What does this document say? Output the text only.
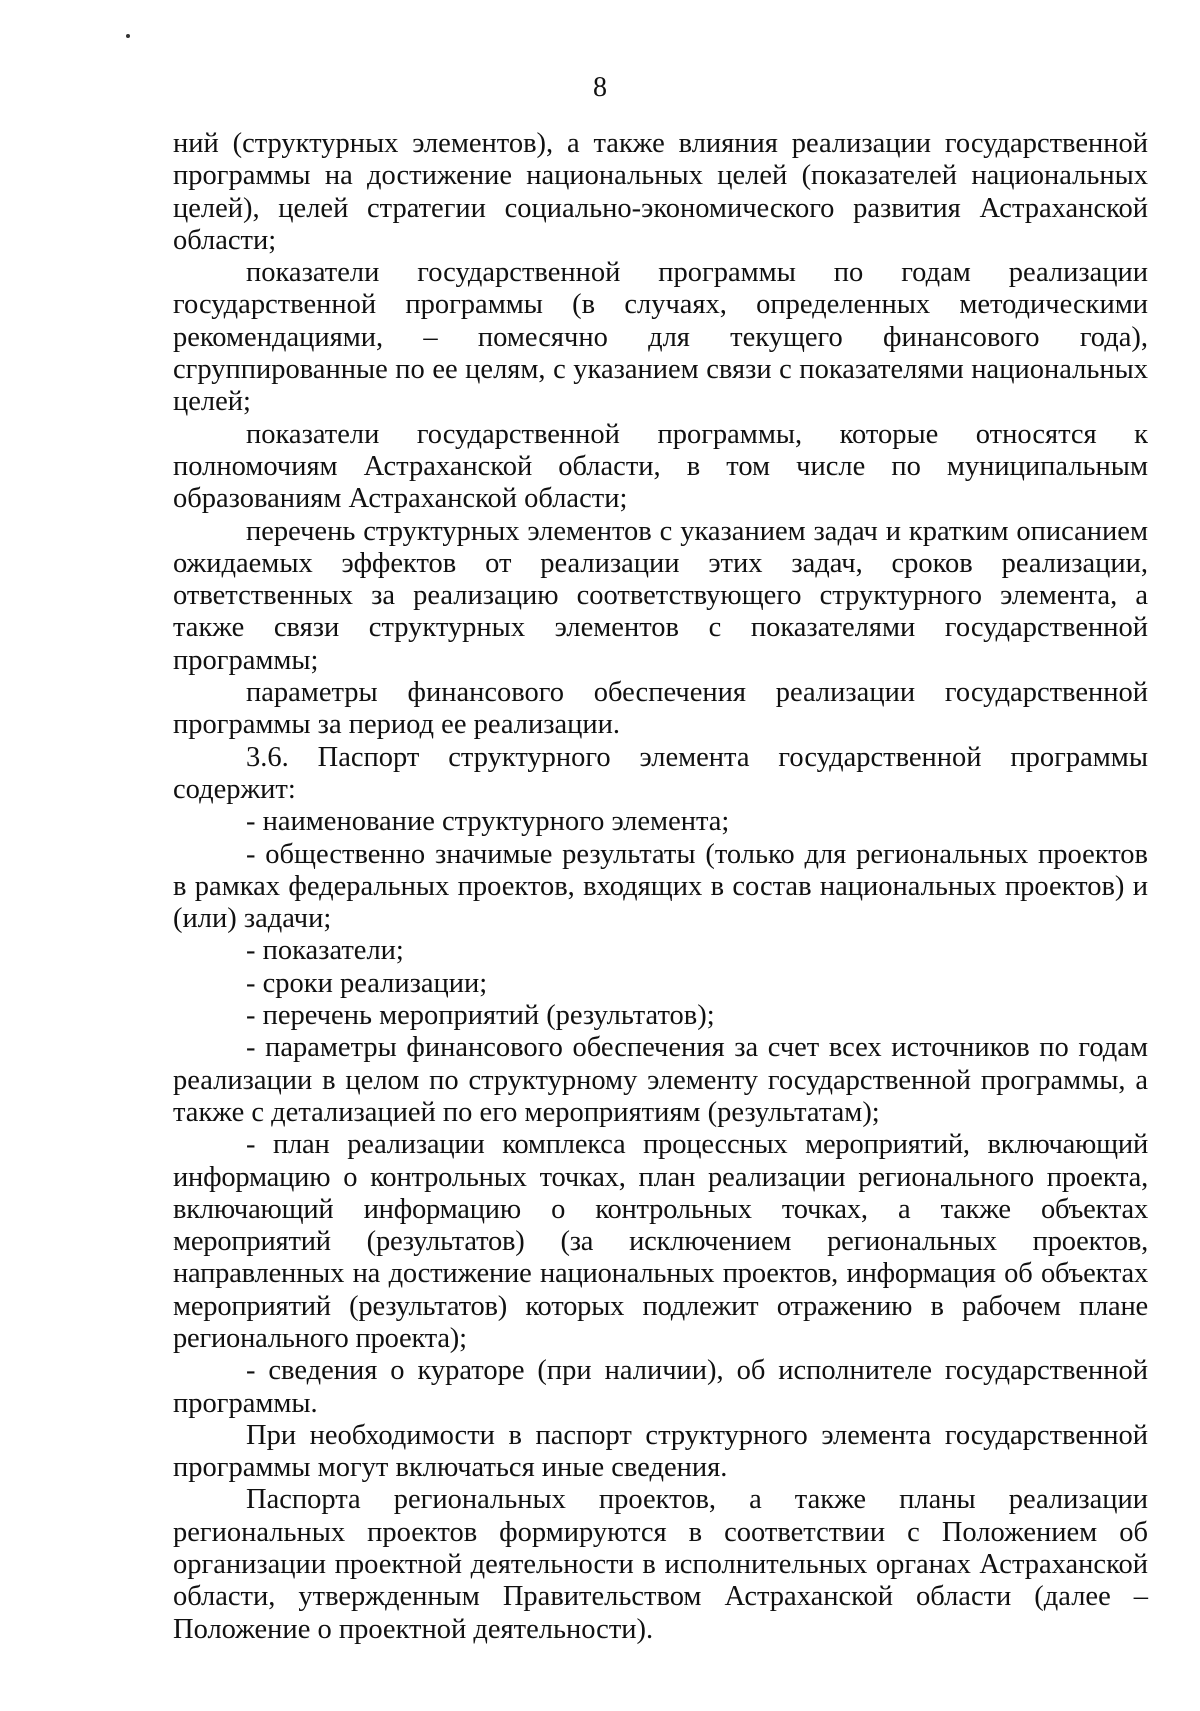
8

ний (структурных элементов), а также влияния реализации государственной программы на достижение национальных целей (показателей национальных целей), целей стратегии социально-экономического развития Астраханской области;

показатели государственной программы по годам реализации государственной программы (в случаях, определенных методическими рекомендациями, – помесячно для текущего финансового года), сгруппированные по ее целям, с указанием связи с показателями национальных целей;

показатели государственной программы, которые относятся к полномочиям Астраханской области, в том числе по муниципальным образованиям Астраханской области;

перечень структурных элементов с указанием задач и кратким описанием ожидаемых эффектов от реализации этих задач, сроков реализации, ответственных за реализацию соответствующего структурного элемента, а также связи структурных элементов с показателями государственной программы;

параметры финансового обеспечения реализации государственной программы за период ее реализации.

3.6. Паспорт структурного элемента государственной программы содержит:

- наименование структурного элемента;

- общественно значимые результаты (только для региональных проектов в рамках федеральных проектов, входящих в состав национальных проектов) и (или) задачи;

- показатели;

- сроки реализации;

- перечень мероприятий (результатов);

- параметры финансового обеспечения за счет всех источников по годам реализации в целом по структурному элементу государственной программы, а также с детализацией по его мероприятиям (результатам);

- план реализации комплекса процессных мероприятий, включающий информацию о контрольных точках, план реализации регионального проекта, включающий информацию о контрольных точках, а также объектах мероприятий (результатов) (за исключением региональных проектов, направленных на достижение национальных проектов, информация об объектах мероприятий (результатов) которых подлежит отражению в рабочем плане регионального проекта);

- сведения о кураторе (при наличии), об исполнителе государственной программы.

При необходимости в паспорт структурного элемента государственной программы могут включаться иные сведения.

Паспорта региональных проектов, а также планы реализации региональных проектов формируются в соответствии с Положением об организации проектной деятельности в исполнительных органах Астраханской области, утвержденным Правительством Астраханской области (далее – Положение о проектной деятельности).
